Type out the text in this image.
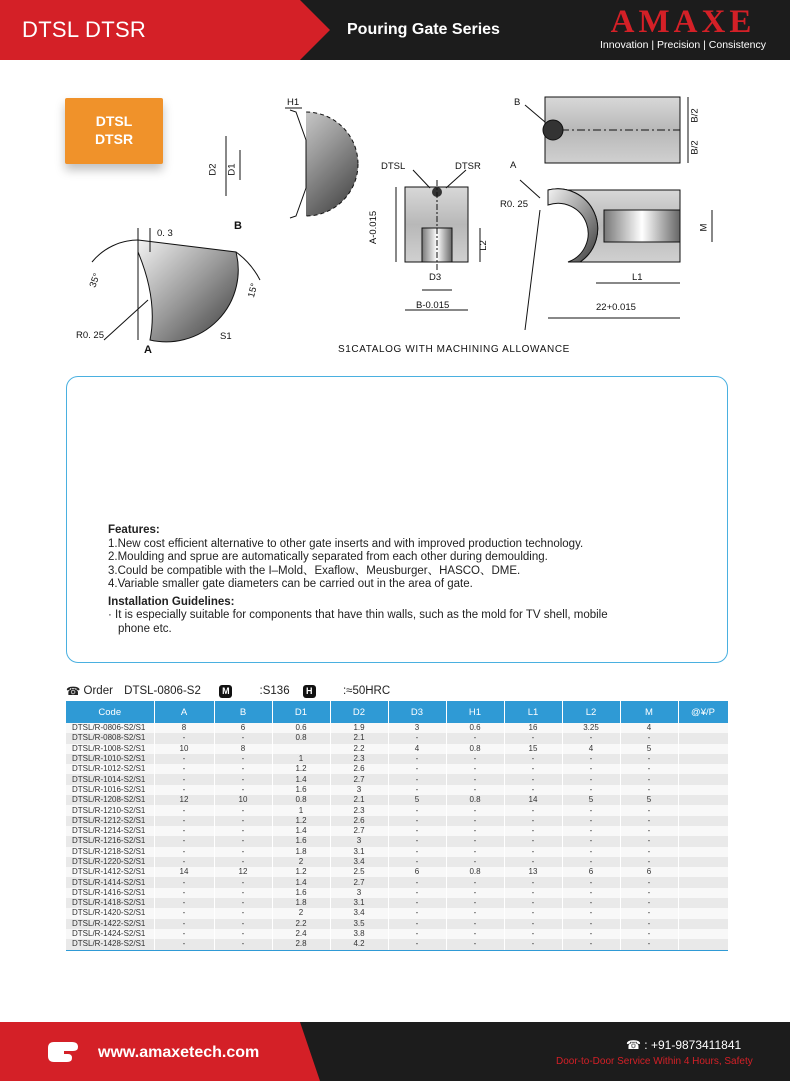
DTSL DTSR	Pouring Gate Series	AMAXE
Innovation | Precision | Consistency
DTSL
DTSR
H1
D2 D1
B
0. 3
35°
15°
R0. 25
A
S1
DTSL	DTSR
A-0.015
L2
D3
B-0.015
B
B/2
B/2
A
R0. 25
M
L1
22+0.015
S1CATALOG WITH MACHINING ALLOWANCE
Features:
1.New cost efficient alternative to other gate inserts and with improved production technology.
2.Moulding and sprue are automatically separated from each other during demoulding.
3.Could be compatible with the I–Mold、Exaflow、Meusburger、HASCO、DME.
4.Variable smaller gate diameters can be carried out in the area of gate.
Installation Guidelines:
· It is especially suitable for components that have thin walls, such as the mold for TV shell, mobile
phone etc.
☎ Order DTSL-0806-S2 M	:S136 H	:≈50HRC
Code	A	B	D1	D2	D3	H1	L1	L2	M	@¥/P
DTSL/R-0806-S2/S1	8	6	0.6	1.9	3	0.6	16	3.25	4	
DTSL/R-0808-S2/S1	-	-	0.8	2.1	-	-	-	-	-	
DTSL/R-1008-S2/S1	10	8		2.2	4	0.8	15	4	5	
DTSL/R-1010-S2/S1	-	-	1	2.3	-	-	-	-	-	
DTSL/R-1012-S2/S1	-	-	1.2	2.6	-	-	-	-	-	
DTSL/R-1014-S2/S1	-	-	1.4	2.7	-	-	-	-	-	
DTSL/R-1016-S2/S1	-	-	1.6	3	-	-	-	-	-	
DTSL/R-1208-S2/S1	12	10	0.8	2.1	5	0.8	14	5	5	
DTSL/R-1210-S2/S1	-	-	1	2.3	-	-	-	-	-	
DTSL/R-1212-S2/S1	-	-	1.2	2.6	-	-	-	-	-	
DTSL/R-1214-S2/S1	-	-	1.4	2.7	-	-	-	-	-	
DTSL/R-1216-S2/S1	-	-	1.6	3	-	-	-	-	-	
DTSL/R-1218-S2/S1	-	-	1.8	3.1	-	-	-	-	-	
DTSL/R-1220-S2/S1	-	-	2	3.4	-	-	-	-	-	
DTSL/R-1412-S2/S1	14	12	1.2	2.5	6	0.8	13	6	6	
DTSL/R-1414-S2/S1	-	-	1.4	2.7	-	-	-	-	-	
DTSL/R-1416-S2/S1	-	-	1.6	3	-	-	-	-	-	
DTSL/R-1418-S2/S1	-	-	1.8	3.1	-	-	-	-	-	
DTSL/R-1420-S2/S1	-	-	2	3.4	-	-	-	-	-	
DTSL/R-1422-S2/S1	-	-	2.2	3.5	-	-	-	-	-	
DTSL/R-1424-S2/S1	-	-	2.4	3.8	-	-	-	-	-	
DTSL/R-1428-S2/S1	-	-	2.8	4.2	-	-	-	-	-	
www.amaxetech.com	☎ : +91-9873411841
Door-to-Door Service Within 4 Hours, Safety
